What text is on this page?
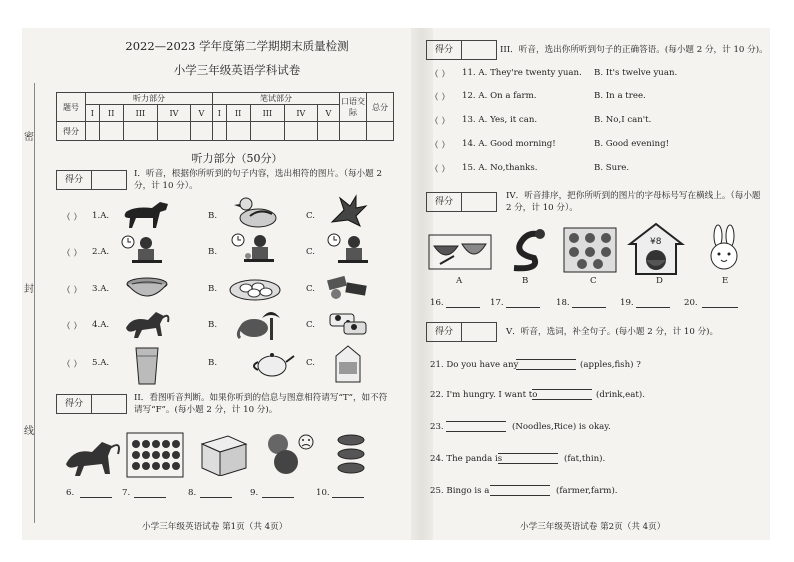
密
封
线
2022—2023 学年度第二学期期末质量检测
小学三年级英语学科试卷
题号	听力部分					笔试部分					口语交际	总分
	I	II	III	IV	V	I	II	III	IV	V		
得分												
听力部分（50分）
得分
I．听音，根据你所听到的句子内容，选出相符的图片。（每小题 2 分，计 10 分）。
（ ） 1.A.	B.	C.
（ ） 2.A.	B.	C.
（ ） 3.A.	B.	C.
（ ） 4.A.	B.	C.
（ ） 5.A.	B.	C.
得分
II．看图听音判断。如果你听到的信息与图意相符请写“T”，如不符请写“F”。(每小题 2 分，计 10 分)。
6.	7.	8.	9.	10.
小学三年级英语试卷 第1页（共 4页）
得分	III．听音，选出你所听到句子的正确答语。(每小题 2 分，计 10 分)。
（ ） 11. A. They're twenty yuan. B. It's twelve yuan.
（ ） 12. A. On a farm.	B. In a tree.
（ ） 13. A. Yes, it can.	B. No,I can't.
（ ） 14. A. Good morning!	B. Good evening!
（ ） 15. A. No,thanks.	B. Sure.
得分
IV．听音排序，把你所听到的图片的字母标号写在横线上。（每小题 2 分，计 10 分）。
¥8
A	B	C	D	E
16.	17.	18.	19.	20.
得分	V．听音，选词，补全句子。(每小题 2 分，计 10 分)。
21. Do you have any	(apples,fish) ?
22. I'm hungry. I want to	(drink,eat).
23.	(Noodles,Rice) is okay.
24. The panda is	(fat,thin).
25. Bingo is a	(farmer,farm).
小学三年级英语试卷 第2页（共 4页）
